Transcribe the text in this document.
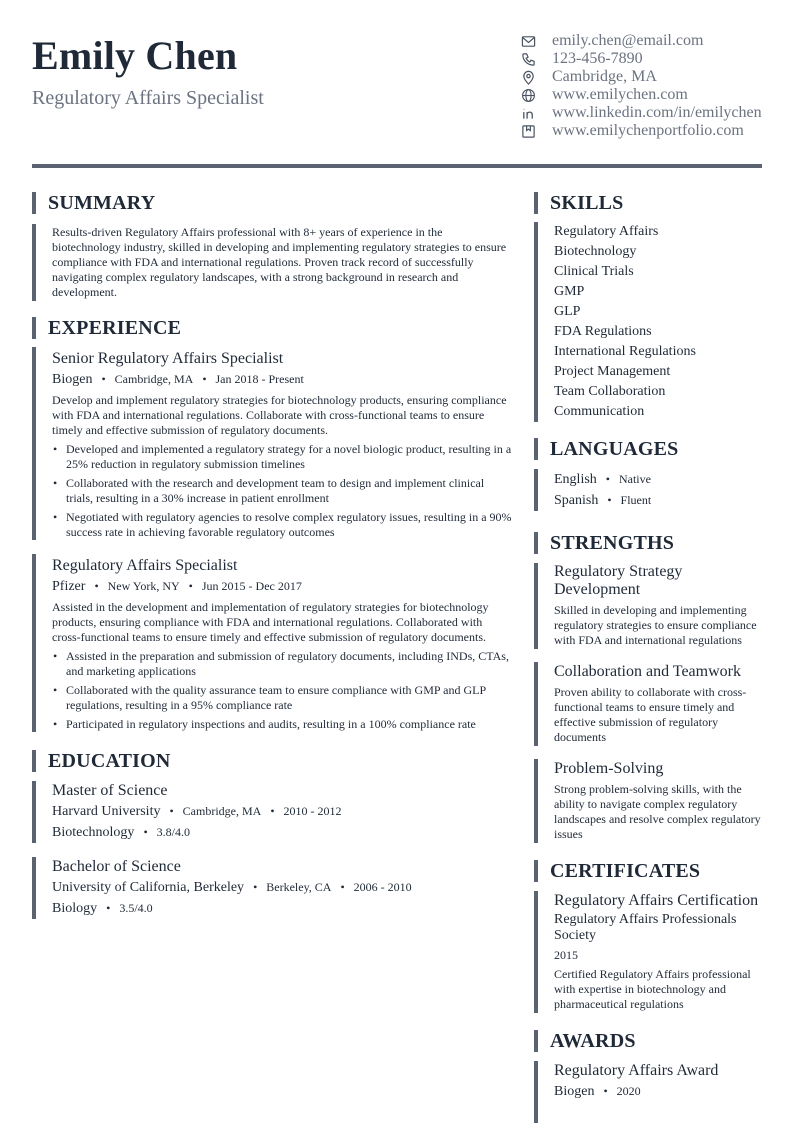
Emily Chen
Regulatory Affairs Specialist
emily.chen@email.com
123-456-7890
Cambridge, MA
www.emilychen.com
www.linkedin.com/in/emilychen
www.emilychenportfolio.com
SUMMARY
Results-driven Regulatory Affairs professional with 8+ years of experience in the biotechnology industry, skilled in developing and implementing regulatory strategies to ensure compliance with FDA and international regulations. Proven track record of successfully navigating complex regulatory landscapes, with a strong background in research and development.
EXPERIENCE
Senior Regulatory Affairs Specialist
Biogen • Cambridge, MA • Jan 2018 - Present
Develop and implement regulatory strategies for biotechnology products, ensuring compliance with FDA and international regulations. Collaborate with cross-functional teams to ensure timely and effective submission of regulatory documents.
• Developed and implemented a regulatory strategy for a novel biologic product, resulting in a 25% reduction in regulatory submission timelines
• Collaborated with the research and development team to design and implement clinical trials, resulting in a 30% increase in patient enrollment
• Negotiated with regulatory agencies to resolve complex regulatory issues, resulting in a 90% success rate in achieving favorable regulatory outcomes
Regulatory Affairs Specialist
Pfizer • New York, NY • Jun 2015 - Dec 2017
Assisted in the development and implementation of regulatory strategies for biotechnology products, ensuring compliance with FDA and international regulations. Collaborated with cross-functional teams to ensure timely and effective submission of regulatory documents.
• Assisted in the preparation and submission of regulatory documents, including INDs, CTAs, and marketing applications
• Collaborated with the quality assurance team to ensure compliance with GMP and GLP regulations, resulting in a 95% compliance rate
• Participated in regulatory inspections and audits, resulting in a 100% compliance rate
EDUCATION
Master of Science
Harvard University • Cambridge, MA • 2010 - 2012
Biotechnology • 3.8/4.0
Bachelor of Science
University of California, Berkeley • Berkeley, CA • 2006 - 2010
Biology • 3.5/4.0
SKILLS
Regulatory Affairs
Biotechnology
Clinical Trials
GMP
GLP
FDA Regulations
International Regulations
Project Management
Team Collaboration
Communication
LANGUAGES
English • Native
Spanish • Fluent
STRENGTHS
Regulatory Strategy Development
Skilled in developing and implementing regulatory strategies to ensure compliance with FDA and international regulations
Collaboration and Teamwork
Proven ability to collaborate with cross-functional teams to ensure timely and effective submission of regulatory documents
Problem-Solving
Strong problem-solving skills, with the ability to navigate complex regulatory landscapes and resolve complex regulatory issues
CERTIFICATES
Regulatory Affairs Certification
Regulatory Affairs Professionals Society
2015
Certified Regulatory Affairs professional with expertise in biotechnology and pharmaceutical regulations
AWARDS
Regulatory Affairs Award
Biogen • 2020
